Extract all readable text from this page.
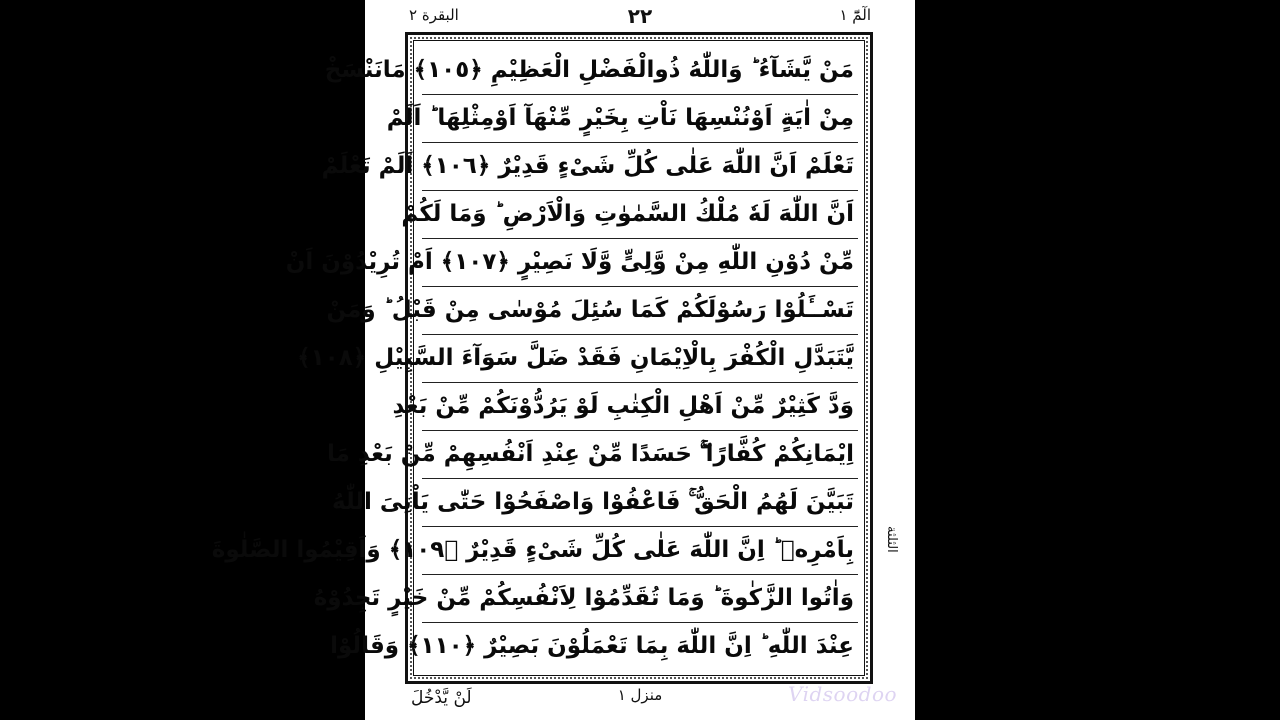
البقرة ٢	٢٢	الٓمّٓ ١
مَنْ يَّشَآءُ ؕ وَاللّٰهُ ذُوالْفَضْلِ الْعَظِيْمِ ﴿١٠٥﴾ مَانَنْسَخْ
مِنْ اٰيَةٍ اَوْنُنْسِهَا نَاْتِ بِخَيْرٍ مِّنْهَآ اَوْمِثْلِهَا ؕ اَلَمْ
تَعْلَمْ اَنَّ اللّٰهَ عَلٰى كُلِّ شَىْءٍ قَدِيْرٌ ﴿١٠٦﴾ اَلَمْ تَعْلَمْ
اَنَّ اللّٰهَ لَهٗ مُلْكُ السَّمٰوٰتِ وَالْاَرْضِ ؕ وَمَا لَكُمْ
مِّنْ دُوْنِ اللّٰهِ مِنْ وَّلِىٍّ وَّلَا نَصِيْرٍ ﴿١٠٧﴾ اَمْ تُرِيْدُوْنَ اَنْ
تَسْــَٔلُوْا رَسُوْلَكُمْ كَمَا سُئِلَ مُوْسٰى مِنْ قَبْلُ ؕ وَمَنْ
يَّتَبَدَّلِ الْكُفْرَ بِالْاِيْمَانِ فَقَدْ ضَلَّ سَوَآءَ السَّبِيْلِ ﴿١٠٨﴾
وَدَّ كَثِيْرٌ مِّنْ اَهْلِ الْكِتٰبِ لَوْ يَرُدُّوْنَكُمْ مِّنْ بَعْدِ
اِيْمَانِكُمْ كُفَّارًا ۖۚ حَسَدًا مِّنْ عِنْدِ اَنْفُسِهِمْ مِّنْ بَعْدِ مَا
تَبَيَّنَ لَهُمُ الْحَقُّ ۚ فَاعْفُوْا وَاصْفَحُوْا حَتّٰى يَاْتِىَ اللّٰهُ
بِاَمْرِهٖ ؕ اِنَّ اللّٰهَ عَلٰى كُلِّ شَىْءٍ قَدِيْرٌ ﴿١٠٩﴾ وَاَقِيْمُوا الصَّلٰوةَ
وَاٰتُوا الزَّكٰوةَ ؕ وَمَا تُقَدِّمُوْا لِاَنْفُسِكُمْ مِّنْ خَيْرٍ تَجِدُوْهُ
عِنْدَ اللّٰهِ ؕ اِنَّ اللّٰهَ بِمَا تَعْمَلُوْنَ بَصِيْرٌ ﴿١١٠﴾ وَقَالُوْا
الثلثة
لَنْ يَّدْخُلَ	منزل ١	Vidsoodoo
